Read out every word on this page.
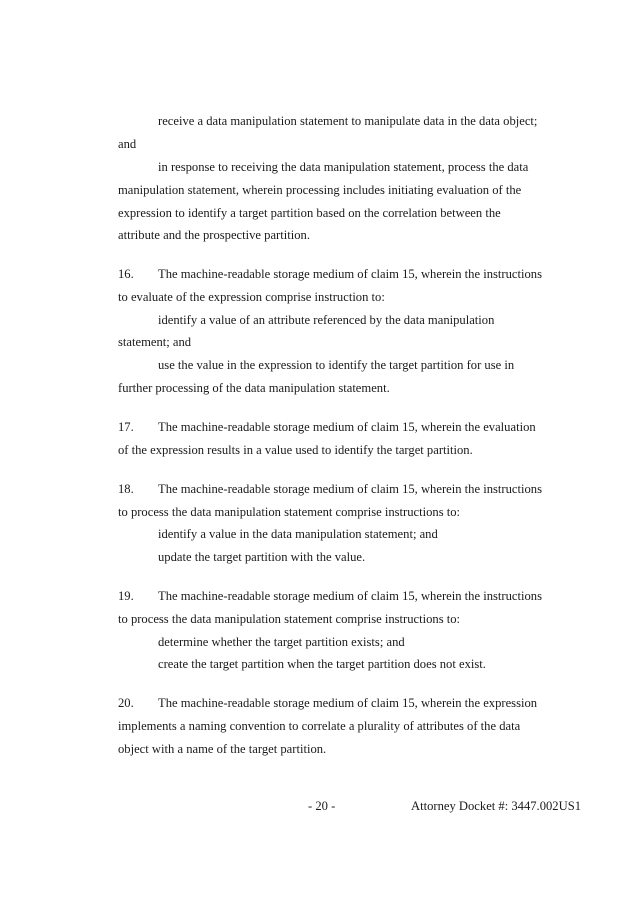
receive a data manipulation statement to manipulate data in the data object;
and
in response to receiving the data manipulation statement, process the data
manipulation statement, wherein processing includes initiating evaluation of the
expression to identify a target partition based on the correlation between the
attribute and the prospective partition.
16. The machine-readable storage medium of claim 15, wherein the instructions
to evaluate of the expression comprise instruction to:
identify a value of an attribute referenced by the data manipulation
statement; and
use the value in the expression to identify the target partition for use in
further processing of the data manipulation statement.
17. The machine-readable storage medium of claim 15, wherein the evaluation
of the expression results in a value used to identify the target partition.
18. The machine-readable storage medium of claim 15, wherein the instructions
to process the data manipulation statement comprise instructions to:
identify a value in the data manipulation statement; and
update the target partition with the value.
19. The machine-readable storage medium of claim 15, wherein the instructions
to process the data manipulation statement comprise instructions to:
determine whether the target partition exists; and
create the target partition when the target partition does not exist.
20. The machine-readable storage medium of claim 15, wherein the expression
implements a naming convention to correlate a plurality of attributes of the data
object with a name of the target partition.
- 20 -	Attorney Docket #: 3447.002US1
